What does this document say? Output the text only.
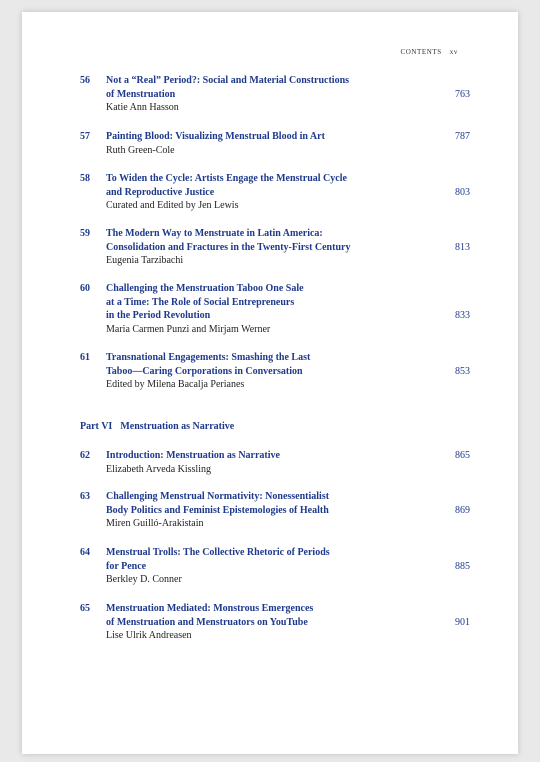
CONTENTS xv
56	Not a “Real” Period?: Social and Material Constructions
of Menstruation	763
Katie Ann Hasson
57	Painting Blood: Visualizing Menstrual Blood in Art	787
Ruth Green-Cole
58	To Widen the Cycle: Artists Engage the Menstrual Cycle
and Reproductive Justice	803
Curated and Edited by Jen Lewis
59	The Modern Way to Menstruate in Latin America:
Consolidation and Fractures in the Twenty-First Century	813
Eugenia Tarzibachi
60	Challenging the Menstruation Taboo One Sale
at a Time: The Role of Social Entrepreneurs
in the Period Revolution	833
Maria Carmen Punzi and Mirjam Werner
61	Transnational Engagements: Smashing the Last
Taboo—Caring Corporations in Conversation	853
Edited by Milena Bacalja Perianes
Part VI Menstruation as Narrative
62	Introduction: Menstruation as Narrative	865
Elizabeth Arveda Kissling
63	Challenging Menstrual Normativity: Nonessentialist
Body Politics and Feminist Epistemologies of Health	869
Miren Guilló-Arakistain
64	Menstrual Trolls: The Collective Rhetoric of Periods
for Pence	885
Berkley D. Conner
65	Menstruation Mediated: Monstrous Emergences
of Menstruation and Menstruators on YouTube	901
Lise Ulrik Andreasen
